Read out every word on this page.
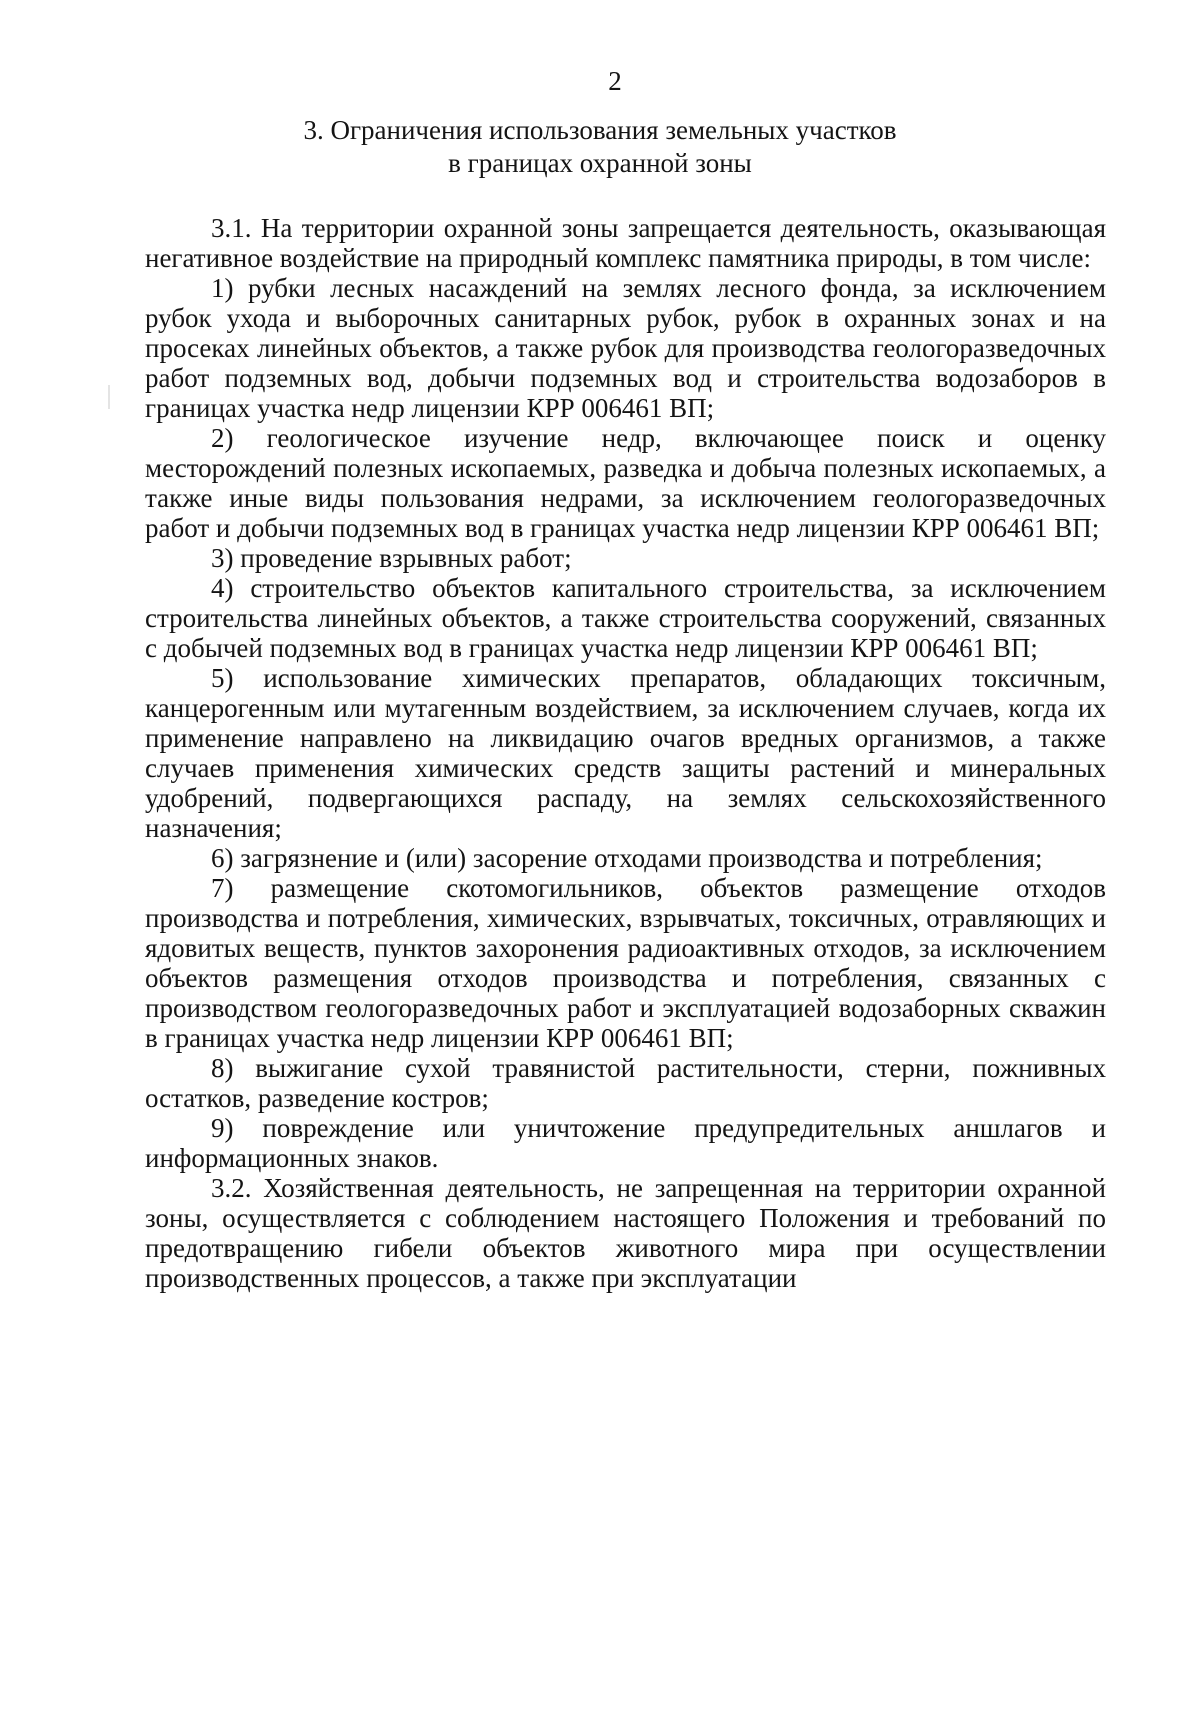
2
3. Ограничения использования земельных участков
в границах охранной зоны

3.1. На территории охранной зоны запрещается деятельность, оказывающая негативное воздействие на природный комплекс памятника природы, в том числе:

1) рубки лесных насаждений на землях лесного фонда, за исключением рубок ухода и выборочных санитарных рубок, рубок в охранных зонах и на просеках линейных объектов, а также рубок для производства геологоразведочных работ подземных вод, добычи подземных вод и строительства водозаборов в границах участка недр лицензии КРР 006461 ВП;

2) геологическое изучение недр, включающее поиск и оценку месторождений полезных ископаемых, разведка и добыча полезных ископаемых, а также иные виды пользования недрами, за исключением геологоразведочных работ и добычи подземных вод в границах участка недр лицензии КРР 006461 ВП;

3) проведение взрывных работ;

4) строительство объектов капитального строительства, за исключением строительства линейных объектов, а также строительства сооружений, связанных с добычей подземных вод в границах участка недр лицензии КРР 006461 ВП;

5) использование химических препаратов, обладающих токсичным, канцерогенным или мутагенным воздействием, за исключением случаев, когда их применение направлено на ликвидацию очагов вредных организмов, а также случаев применения химических средств защиты растений и минеральных удобрений, подвергающихся распаду, на землях сельскохозяйственного назначения;

6) загрязнение и (или) засорение отходами производства и потребления;

7) размещение скотомогильников, объектов размещение отходов производства и потребления, химических, взрывчатых, токсичных, отравляющих и ядовитых веществ, пунктов захоронения радиоактивных отходов, за исключением объектов размещения отходов производства и потребления, связанных с производством геологоразведочных работ и эксплуатацией водозаборных скважин в границах участка недр лицензии КРР 006461 ВП;

8) выжигание сухой травянистой растительности, стерни, пожнивных остатков, разведение костров;

9) повреждение или уничтожение предупредительных аншлагов и информационных знаков.

3.2. Хозяйственная деятельность, не запрещенная на территории охранной зоны, осуществляется с соблюдением настоящего Положения и требований по предотвращению гибели объектов животного мира при осуществлении производственных процессов, а также при эксплуатации
